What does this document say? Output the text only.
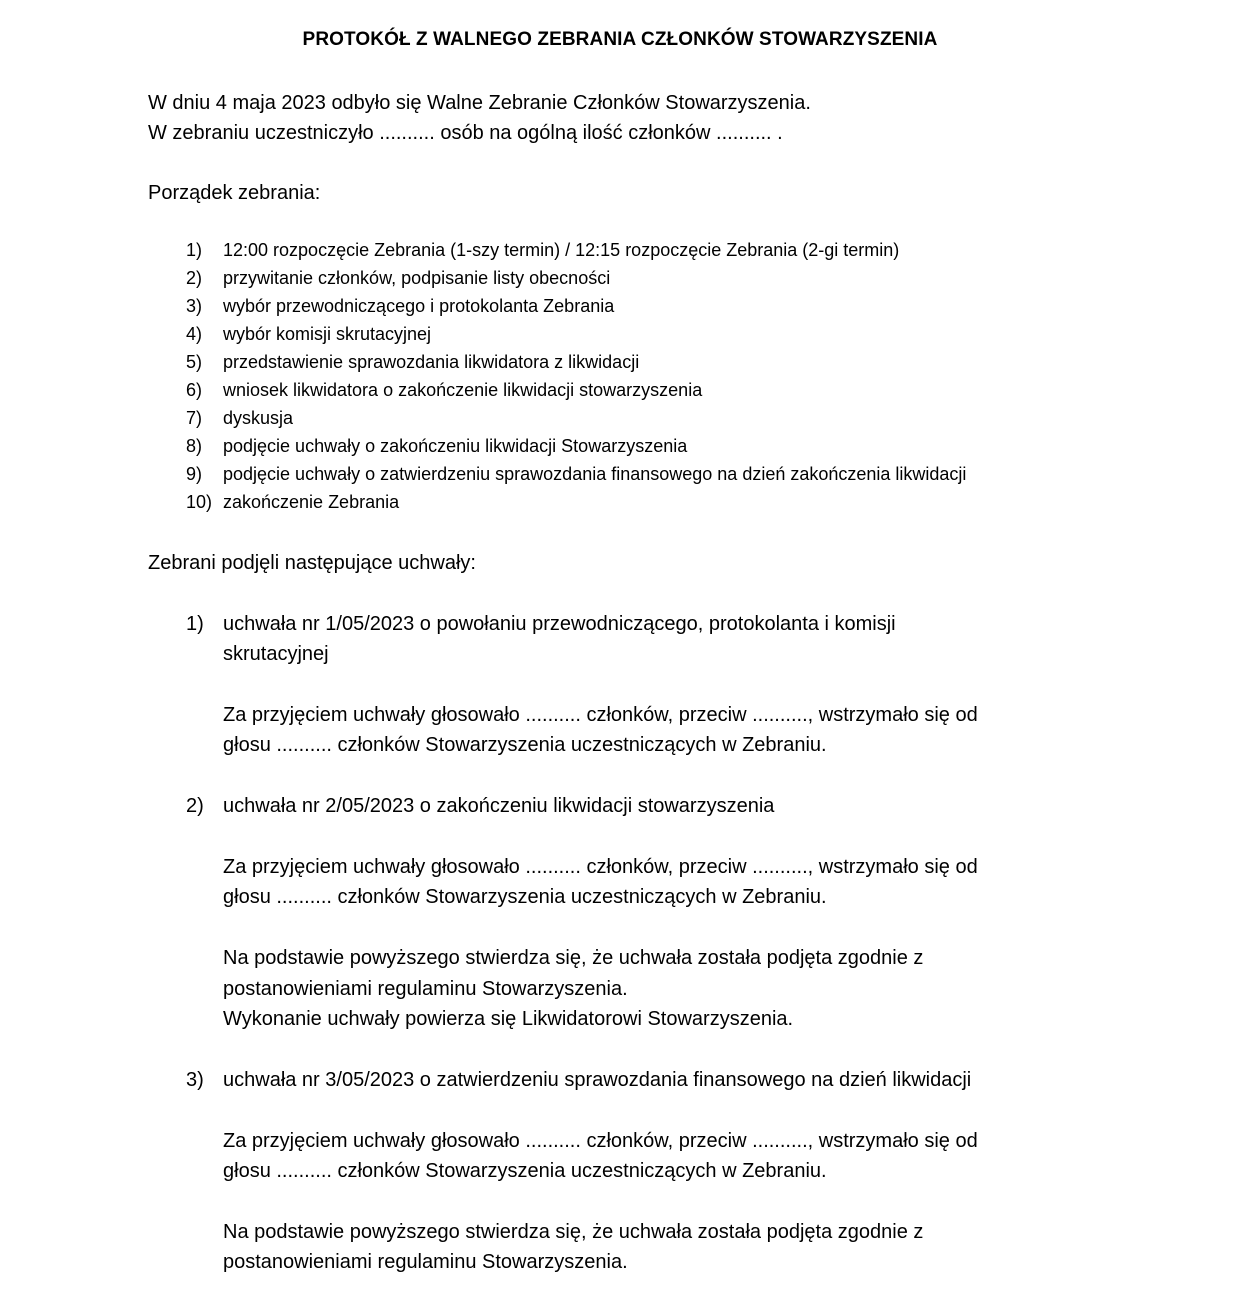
PROTOKÓŁ Z WALNEGO ZEBRANIA CZŁONKÓW STOWARZYSZENIA
W dniu 4 maja 2023 odbyło się Walne Zebranie Członków Stowarzyszenia.
W zebraniu uczestniczyło .......... osób na ogólną ilość członków .......... .
Porządek zebrania:
1) 12:00 rozpoczęcie Zebrania (1-szy termin) / 12:15 rozpoczęcie Zebrania (2-gi termin)
2) przywitanie członków, podpisanie listy obecności
3) wybór przewodniczącego i protokolanta Zebrania
4) wybór komisji skrutacyjnej
5) przedstawienie sprawozdania likwidatora z likwidacji
6) wniosek likwidatora o zakończenie likwidacji stowarzyszenia
7) dyskusja
8) podjęcie uchwały o zakończeniu likwidacji Stowarzyszenia
9) podjęcie uchwały o zatwierdzeniu sprawozdania finansowego na dzień zakończenia likwidacji
10) zakończenie Zebrania
Zebrani podjęli następujące uchwały:
1) uchwała nr 1/05/2023 o powołaniu przewodniczącego, protokolanta i komisji
skrutacyjnej
Za przyjęciem uchwały głosowało .......... członków, przeciw .........., wstrzymało się od
głosu .......... członków Stowarzyszenia uczestniczących w Zebraniu.
2) uchwała nr 2/05/2023 o zakończeniu likwidacji stowarzyszenia
Za przyjęciem uchwały głosowało .......... członków, przeciw .........., wstrzymało się od
głosu .......... członków Stowarzyszenia uczestniczących w Zebraniu.
Na podstawie powyższego stwierdza się, że uchwała została podjęta zgodnie z
postanowieniami regulaminu Stowarzyszenia.
Wykonanie uchwały powierza się Likwidatorowi Stowarzyszenia.
3) uchwała nr 3/05/2023 o zatwierdzeniu sprawozdania finansowego na dzień likwidacji
Za przyjęciem uchwały głosowało .......... członków, przeciw .........., wstrzymało się od
głosu .......... członków Stowarzyszenia uczestniczących w Zebraniu.
Na podstawie powyższego stwierdza się, że uchwała została podjęta zgodnie z
postanowieniami regulaminu Stowarzyszenia.
